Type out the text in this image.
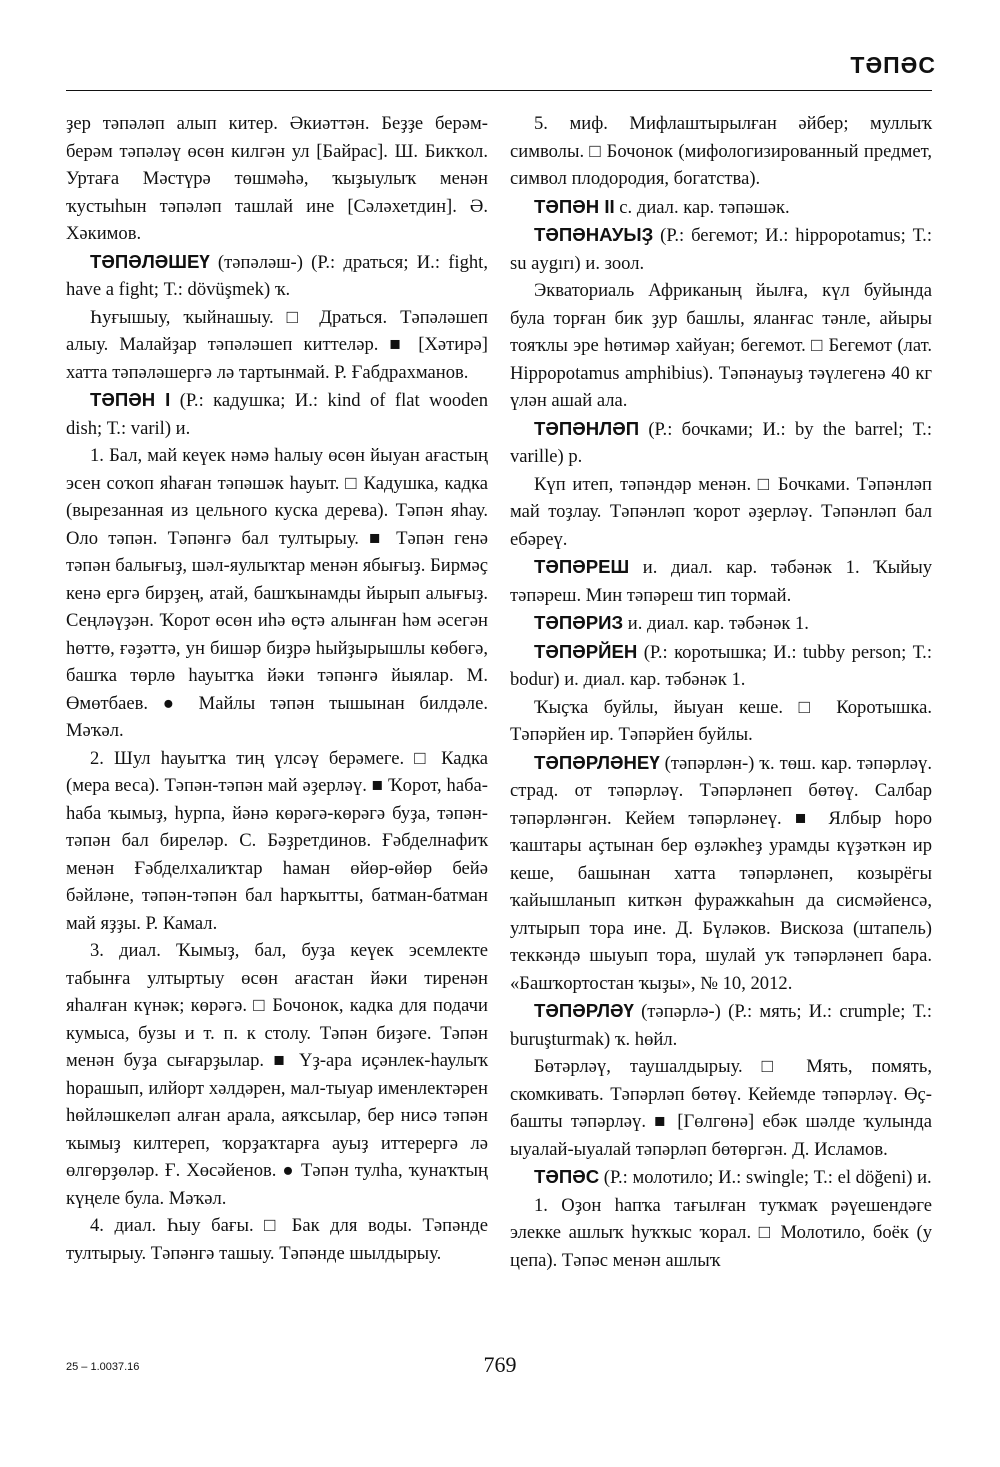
ТӘПӘС

ҙер тәпәләп алып китер. Әкиәттән. Беҙҙе берәм-берәм тәпәләү өсөн килгән ул [Байрас]. Ш. Бикҡол. Уртаға Мәстүрә төшмәһә, ҡыҙыулыҡ менән ҡустыһын тәпәләп ташлай ине [Сәләхетдин]. Ә. Хәкимов.

ТӘПӘЛӘШЕҮ (тәпәләш-) (Р.: драться; И.: fight, have a fight; Т.: dövüşmek) ҡ.

Һуғышыу, ҡыйнашыу. □ Драться. Тәпәләшеп алыу. Малайҙар тәпәләшеп киттеләр. ■ [Хәтирә] хатта тәпәләшергә лә тартынмай. Р. Ғабдрахманов.

ТӘПӘН I (Р.: кадушка; И.: kind of flat wooden dish; Т.: varil) и.

1. Бал, май кеүек нәмә һалыу өсөн йыуан ағастың эсен соҡоп яһаған тәпәшәк һауыт. □ Кадушка, кадка (вырезанная из цельного куска дерева). Тәпән яһау. Оло тәпән. Тәпәнгә бал тултырыу. ■ Тәпән генә тәпән балығыҙ, шәл-яулыҡтар менән ябығыҙ. Бирмәҫ кенә ергә бирҙең, атай, башҡынамды йырып алығыҙ. Сеңләүҙән. Ҡорот өсөн иһә өҫтә алынған һәм әсегән һөттө, ғәҙәттә, ун бишәр биҙрә һыйҙырышлы көбөгә, башҡа төрлө һауытҡа йәки тәпәнгә йыялар. М. Өмөтбаев. ● Майлы тәпән тышынан билдәле. Мәҡәл.

2. Шул һауытҡа тиң үлсәү берәмеге. □ Кадка (мера веса). Тәпән-тәпән май әҙерләү. ■ Ҡорот, һаба-һаба ҡымыҙ, һурпа, йәнә көрәгә-көрәгә буҙа, тәпән-тәпән бал биреләр. С. Бәҙретдинов. Ғәбделнафиҡ менән Ғәбделхалиҡтар һаман өйөр-өйөр бейә бәйләне, тәпән-тәпән бал һарҡытты, батман-батман май яҙҙы. Р. Камал.

3. диал. Ҡымыҙ, бал, буҙа кеүек эсемлекте табынға ултыртыу өсөн ағастан йәки тиренән яһалған күнәк; көрәгә. □ Бочонок, кадка для подачи кумыса, бузы и т. п. к столу. Тәпән биҙәге. Тәпән менән буҙа сығарҙылар. ■ Үҙ-ара иҫәнлек-һаулыҡ һорашып, илйорт хәлдәрен, мал-тыуар именлектәрен һөйләшкеләп алған арала, аяҡсылар, бер нисә тәпән ҡымыҙ килтереп, ҡорҙаҡтарға ауыҙ иттерергә лә өлгөрҙөләр. Ғ. Хөсәйенов. ● Тәпән тулһа, ҡунаҡтың күңеле була. Мәҡәл.

4. диал. Һыу бағы. □ Бак для воды. Тәпәнде тултырыу. Тәпәнгә ташыу. Тәпәнде шылдырыу.

5. миф. Мифлаштырылған әйбер; муллыҡ символы. □ Бочонок (мифологизированный предмет, символ плодородия, богатства).

ТӘПӘН II с. диал. кар. тәпәшәк.

ТӘПӘНАУЫҘ (Р.: бегемот; И.: hippopotamus; Т.: su aygırı) и. зоол.

Экваториаль Африканың йылға, күл буйында була торған бик ҙур башлы, яланғас тәнле, айыры тояҡлы эре һөтимәр хайуан; бегемот. □ Бегемот (лат. Hippopotamus amphibius). Тәпәнауыҙ тәүлегенә 40 кг үлән ашай ала.

ТӘПӘНЛӘП (Р.: бочками; И.: by the barrel; Т.: varille) р.

Күп итеп, тәпәндәр менән. □ Бочками. Тәпәнләп май тоҙлау. Тәпәнләп ҡорот әҙерләү. Тәпәнләп бал ебәреү.

ТӘПӘРЕШ и. диал. кар. тәбәнәк 1. Ҡыйыу тәпәреш. Мин тәпәреш тип тормай.

ТӘПӘРИЗ и. диал. кар. тәбәнәк 1.

ТӘПӘРЙЕН (Р.: коротышка; И.: tubby person; Т.: bodur) и. диал. кар. тәбәнәк 1.

Ҡыҫҡа буйлы, йыуан кеше. □ Коротышка. Тәпәрйен ир. Тәпәрйен буйлы.

ТӘПӘРЛӘНЕҮ (тәпәрлән-) ҡ. төш. кар. тәпәрләү. страд. от тәпәрләү. Тәпәрләнеп бөтөү. Салбар тәпәрләнгән. Кейем тәпәрләнеү. ■ Ялбыр һоро ҡаштары аҫтынан бер өҙләкһеҙ урамды күҙәткән ир кеше, башынан хатта тәпәрләнеп, козырёгы ҡайышланып киткән фуражкаһын да сисмәйенсә, ултырып тора ине. Д. Бүләков. Вискоза (штапель) теккәндә шыуып тора, шулай уҡ тәпәрләнеп бара. «Башҡортостан ҡыҙы», № 10, 2012.

ТӘПӘРЛӘҮ (тәпәрлә-) (Р.: мять; И.: crumple; Т.: buruşturmak) ҡ. һөйл.

Бөтәрләү, таушалдырыу. □ Мять, помять, скомкивать. Тәпәрләп бөтөү. Кейемде тәпәрләү. Өҫ-башты тәпәрләү. ■ [Гөлгөнә] ебәк шәлде ҡулында ыуалай-ыуалай тәпәрләп бөтөргән. Д. Исламов.

ТӘПӘС (Р.: молотило; И.: swingle; Т.: el döğeni) и.

1. Оҙон һапҡа тағылған туҡмаҡ рәүешендәге элекке ашлыҡ һуҡҡыс ҡорал. □ Молотило, боёк (у цепа). Тәпәс менән ашлыҡ

25 – 1.0037.16	769
